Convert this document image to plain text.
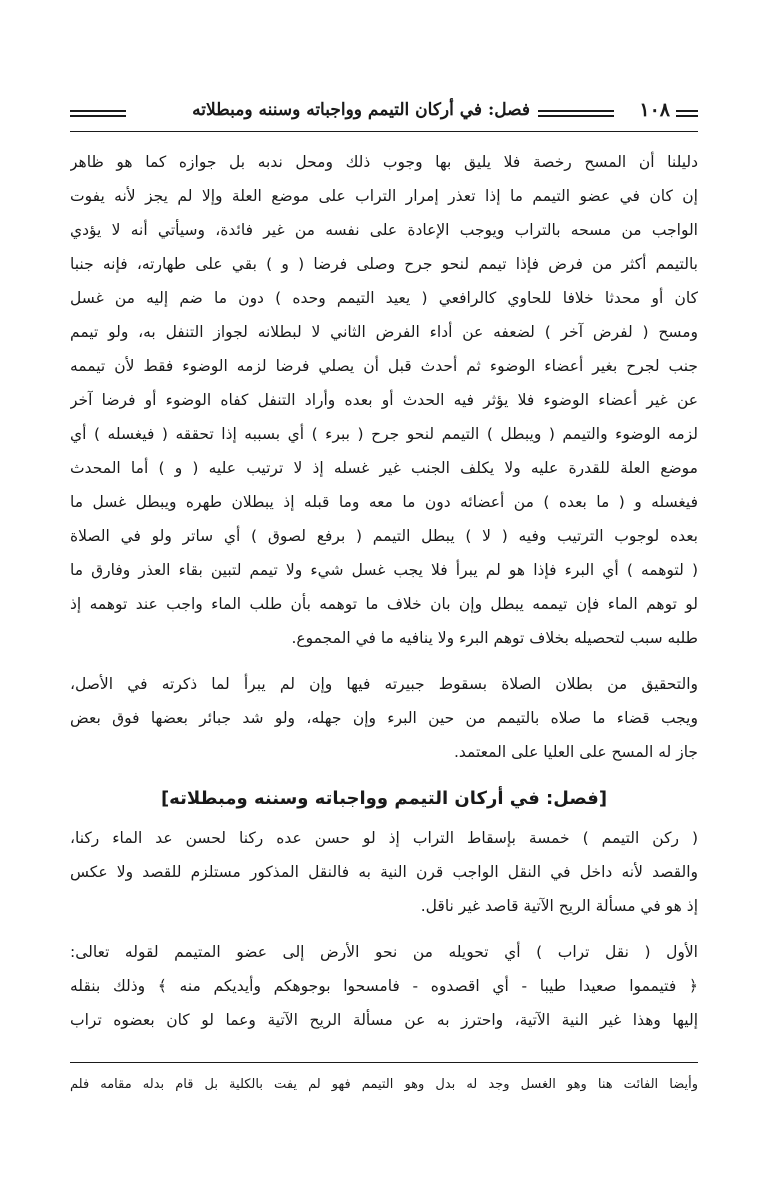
١٠٨
فصل: في أركان التيمم وواجباته وسننه ومبطلاته
دليلنا أن المسح رخصة فلا يليق بها وجوب ذلك ومحل ندبه بل جوازه كما هو ظاهر
إن كان في عضو التيمم ما إذا تعذر إمرار التراب على موضع العلة وإلا لم يجز لأنه يفوت
الواجب من مسحه بالتراب ويوجب الإعادة على نفسه من غير فائدة، وسيأتي أنه لا يؤدي
بالتيمم أكثر من فرض فإذا تيمم لنحو جرح وصلى فرضا ( و ) بقي على طهارته، فإنه جنبا
كان أو محدثا خلافا للحاوي كالرافعي ( يعيد التيمم وحده ) دون ما ضم إليه من غسل
ومسح ( لفرض آخر ) لضعفه عن أداء الفرض الثاني لا لبطلانه لجواز التنفل به، ولو تيمم
جنب لجرح بغير أعضاء الوضوء ثم أحدث قبل أن يصلي فرضا لزمه الوضوء فقط لأن تيممه
عن غير أعضاء الوضوء فلا يؤثر فيه الحدث أو بعده وأراد التنفل كفاه الوضوء أو فرضا آخر
لزمه الوضوء والتيمم ( ويبطل ) التيمم لنحو جرح ( ببرء ) أي بسببه إذا تحققه ( فيغسله ) أي
موضع العلة للقدرة عليه ولا يكلف الجنب غير غسله إذ لا ترتيب عليه ( و ) أما المحدث
فيغسله و ( ما بعده ) من أعضائه دون ما معه وما قبله إذ يبطلان طهره ويبطل غسل ما
بعده لوجوب الترتيب وفيه ( لا ) يبطل التيمم ( برفع لصوق ) أي ساتر ولو في الصلاة
( لتوهمه ) أي البرء فإذا هو لم يبرأ فلا يجب غسل شيء ولا تيمم لتبين بقاء العذر وفارق ما
لو توهم الماء فإن تيممه يبطل وإن بان خلاف ما توهمه بأن طلب الماء واجب عند توهمه إذ
طلبه سبب لتحصيله بخلاف توهم البرء ولا ينافيه ما في المجموع.
والتحقيق من بطلان الصلاة بسقوط جبيرته فيها وإن لم يبرأ لما ذكرته في الأصل،
ويجب قضاء ما صلاه بالتيمم من حين البرء وإن جهله، ولو شد جبائر بعضها فوق بعض
جاز له المسح على العليا على المعتمد.
[فصل: في أركان التيمم وواجباته وسننه ومبطلاته]
( ركن التيمم ) خمسة بإسقاط التراب إذ لو حسن عده ركنا لحسن عد الماء ركنا،
والقصد لأنه داخل في النقل الواجب قرن النية به فالنقل المذكور مستلزم للقصد ولا عكس
إذ هو في مسألة الريح الآتية قاصد غير ناقل.
الأول ( نقل تراب ) أي تحويله من نحو الأرض إلى عضو المتيمم لقوله تعالى:
﴿ فتيمموا صعيدا طيبا - أي اقصدوه - فامسحوا بوجوهكم وأيديكم منه ﴾ وذلك بنقله
إليها وهذا غير النية الآتية، واحترز به عن مسألة الريح الآتية وعما لو كان بعضوه تراب
وأيضا الفائت هنا وهو الغسل وجد له بدل وهو التيمم فهو لم يفت بالكلية بل قام بدله مقامه فلم
